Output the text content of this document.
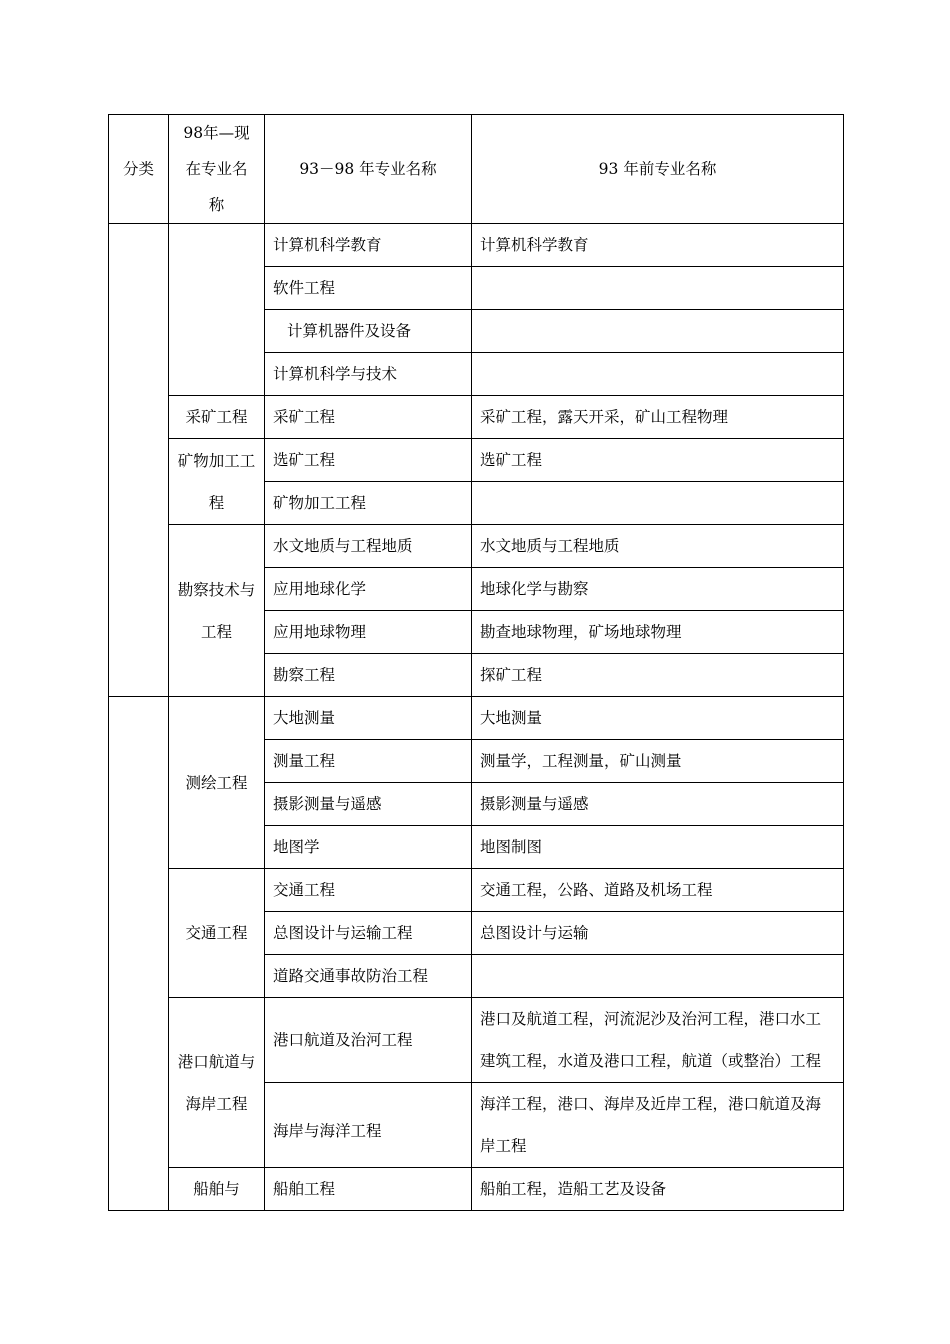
分类	98年—现在专业名称	93－98 年专业名称	93 年前专业名称
		计算机科学教育	计算机科学教育
		软件工程	
		计算机器件及设备	
		计算机科学与技术	
	采矿工程	采矿工程	采矿工程，露天开采，矿山工程物理
	矿物加工工程	选矿工程	选矿工程
		矿物加工工程	
	勘察技术与工程	水文地质与工程地质	水文地质与工程地质
		应用地球化学	地球化学与勘察
		应用地球物理	勘查地球物理，矿场地球物理
		勘察工程	探矿工程
	测绘工程	大地测量	大地测量
		测量工程	测量学，工程测量，矿山测量
		摄影测量与遥感	摄影测量与遥感
		地图学	地图制图
	交通工程	交通工程	交通工程，公路、道路及机场工程
		总图设计与运输工程	总图设计与运输
		道路交通事故防治工程	
	港口航道与海岸工程	港口航道及治河工程	港口及航道工程，河流泥沙及治河工程，港口水工建筑工程，水道及港口工程，航道（或整治）工程
		海岸与海洋工程	海洋工程，港口、海岸及近岸工程，港口航道及海岸工程
	船舶与	船舶工程	船舶工程，造船工艺及设备
